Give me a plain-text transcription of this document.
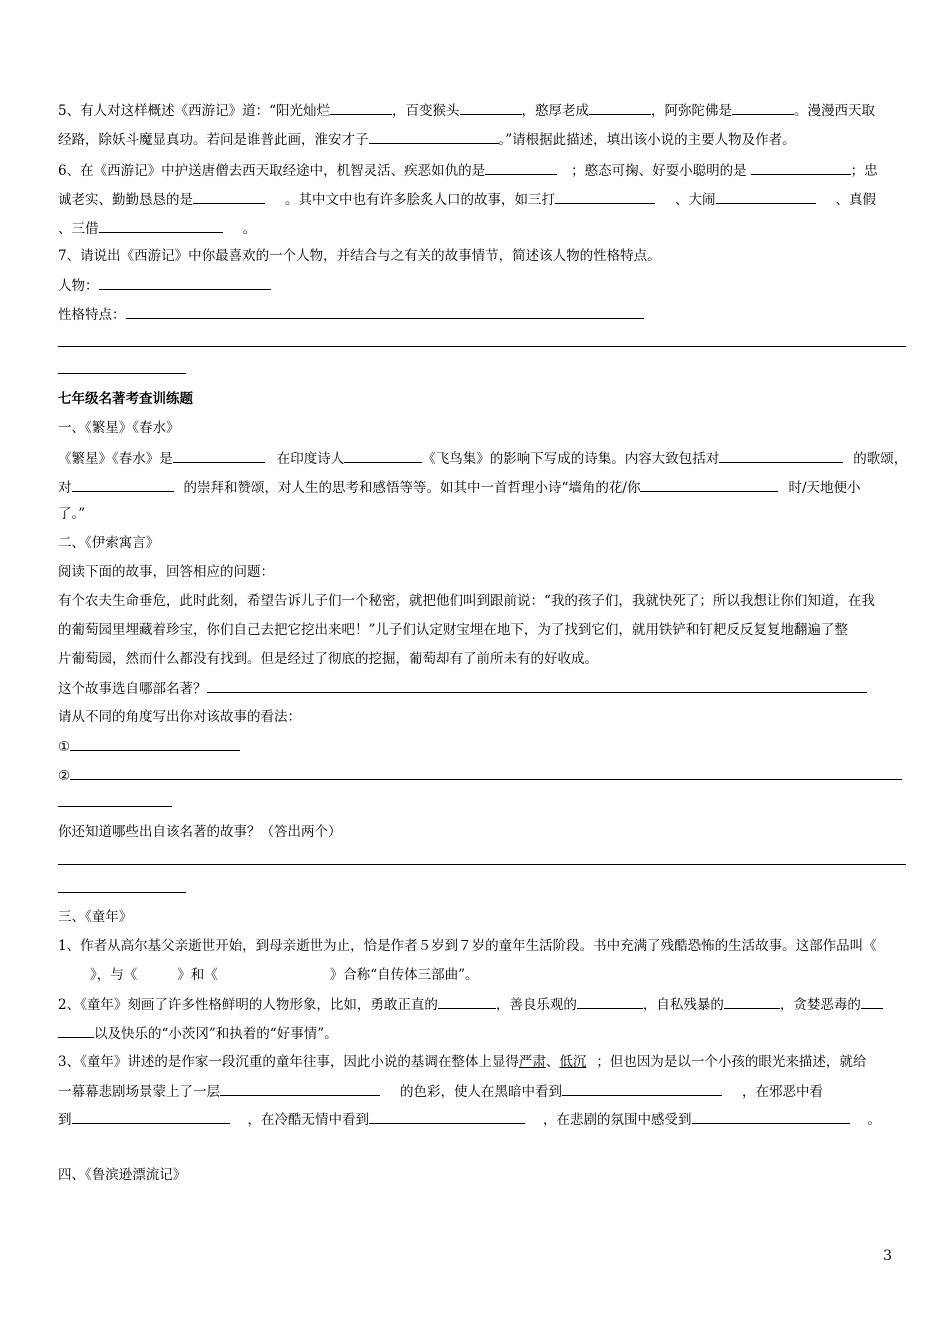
5、有人对这样概述《西游记》道：“阳光灿烂	，百变猴头	，憨厚老成	，阿弥陀佛是	。漫漫西天取
经路，除妖斗魔显真功。若问是谁普此画，淮安才子	。”请根据此描述，填出该小说的主要人物及作者。
6、在《西游记》中护送唐僧去西天取经途中，机智灵活、疾恶如仇的是	；憨态可掬、好耍小聪明的是	；忠
诚老实、勤勤恳恳的是	。其中文中也有许多脍炙人口的故事，如三打	、大闹	、真假
、三借	。
7、请说出《西游记》中你最喜欢的一个人物，并结合与之有关的故事情节，简述该人物的性格特点。
人物：
性格特点：
七年级名著考查训练题
一、《繁星》《春水》
《繁星》《春水》是	在印度诗人	《飞鸟集》的影响下写成的诗集。内容大致包括对	的歌颂，
对	的崇拜和赞颂，对人生的思考和感悟等等。如其中一首哲理小诗“墙角的花/你	时/天地便小
了。”
二、《伊索寓言》
阅读下面的故事，回答相应的问题：
有个农夫生命垂危，此时此刻，希望告诉儿子们一个秘密，就把他们叫到跟前说：“我的孩子们，我就快死了；所以我想让你们知道，在我
的葡萄园里埋藏着珍宝，你们自己去把它挖出来吧！”儿子们认定财宝埋在地下，为了找到它们，就用铁铲和钉耙反反复复地翻遍了整
片葡萄园，然而什么都没有找到。但是经过了彻底的挖掘，葡萄却有了前所未有的好收成。
这个故事选自哪部名著？
请从不同的角度写出你对该故事的看法：
①
②
你还知道哪些出自该名著的故事？（答出两个）
三、《童年》
1、作者从高尔基父亲逝世开始，到母亲逝世为止，恰是作者５岁到７岁的童年生活阶段。书中充满了残酷恐怖的生活故事。这部作品叫《
》，与《	》和《	》合称“自传体三部曲”。
2、《童年》刻画了许多性格鲜明的人物形象，比如，勇敢正直的	，善良乐观的	，自私残暴的	，贪婪恶毒的
以及快乐的“小茨冈”和执着的“好事情”。
3、《童年》讲述的是作家一段沉重的童年往事，因此小说的基调在整体上显得严肃、低沉 ；但也因为是以一个小孩的眼光来描述，就给
一幕幕悲剧场景蒙上了一层	的色彩，使人在黑暗中看到	，在邪恶中看
到	，在冷酷无情中看到	，在悲剧的氛围中感受到	。
四、《鲁滨逊漂流记》
3
